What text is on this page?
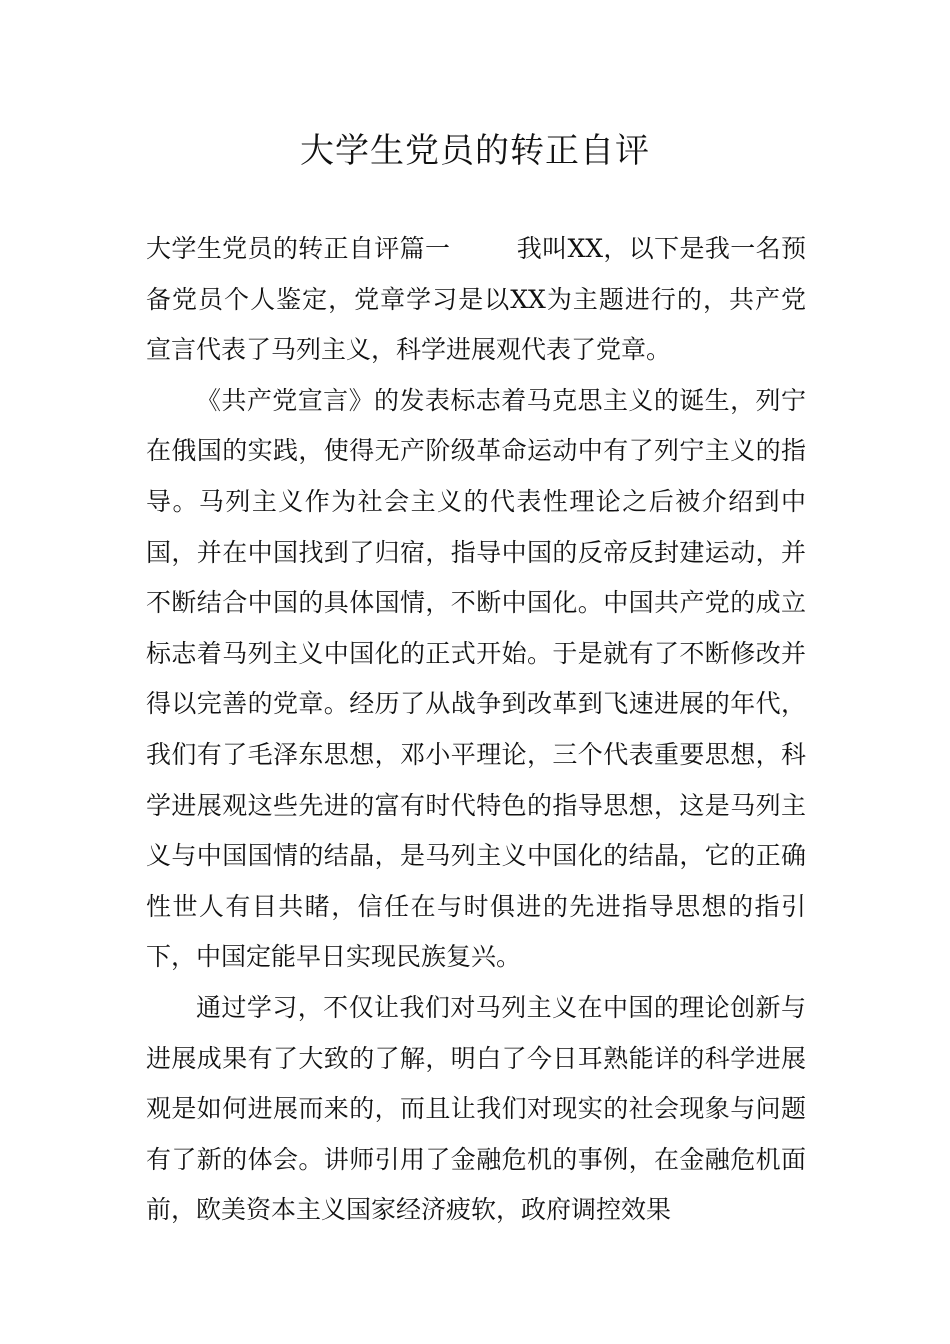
大学生党员的转正自评

大学生党员的转正自评篇一	我叫XX，以下是我一名预备党员个人鉴定，党章学习是以XX为主题进行的，共产党宣言代表了马列主义，科学进展观代表了党章。

《共产党宣言》的发表标志着马克思主义的诞生，列宁在俄国的实践，使得无产阶级革命运动中有了列宁主义的指导。马列主义作为社会主义的代表性理论之后被介绍到中国，并在中国找到了归宿，指导中国的反帝反封建运动，并不断结合中国的具体国情，不断中国化。中国共产党的成立标志着马列主义中国化的正式开始。于是就有了不断修改并得以完善的党章。经历了从战争到改革到飞速进展的年代，我们有了毛泽东思想，邓小平理论，三个代表重要思想，科学进展观这些先进的富有时代特色的指导思想，这是马列主义与中国国情的结晶，是马列主义中国化的结晶，它的正确性世人有目共睹，信任在与时俱进的先进指导思想的指引下，中国定能早日实现民族复兴。

通过学习，不仅让我们对马列主义在中国的理论创新与进展成果有了大致的了解，明白了今日耳熟能详的科学进展观是如何进展而来的，而且让我们对现实的社会现象与问题有了新的体会。讲师引用了金融危机的事例，在金融危机面前，欧美资本主义国家经济疲软，政府调控效果
